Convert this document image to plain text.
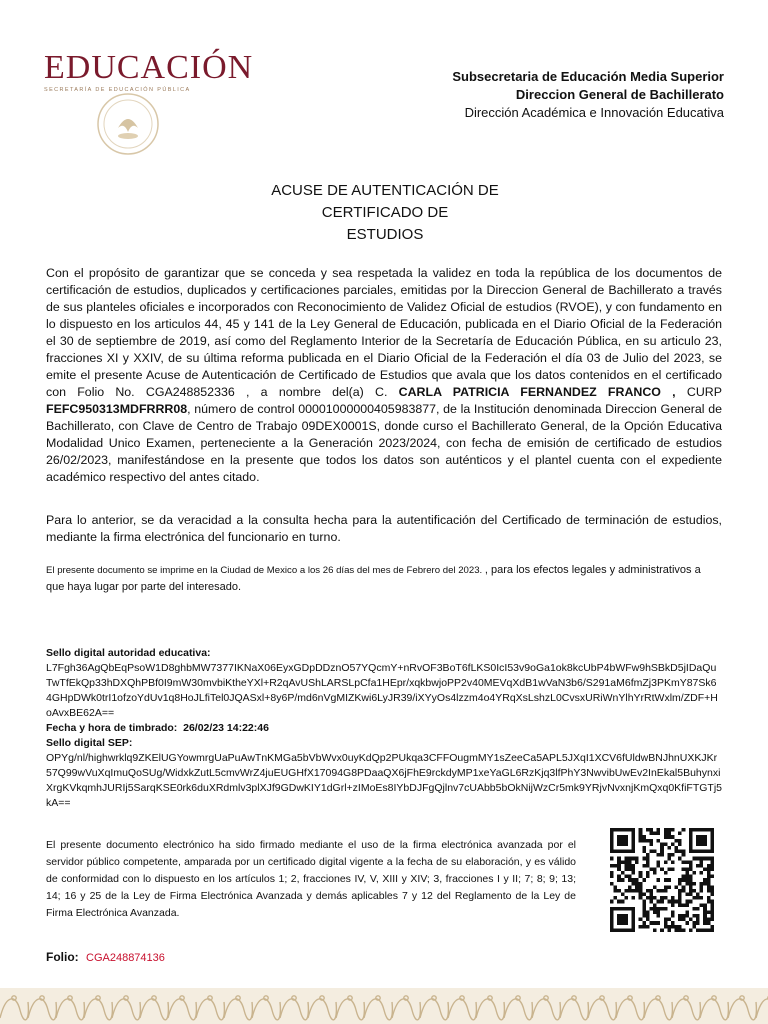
EDUCACIÓN
SECRETARÍA DE EDUCACIÓN PÚBLICA
Subsecretaria de Educación Media Superior
Direccion General de Bachillerato
Dirección Académica e Innovación Educativa
ACUSE DE AUTENTICACIÓN DE CERTIFICADO DE
ESTUDIOS
Con el propósito de garantizar que se conceda y sea respetada la validez en toda la república de los documentos de certificación de estudios, duplicados y certificaciones parciales, emitidas por la Direccion General de Bachillerato a través de sus planteles oficiales e incorporados con Reconocimiento de Validez Oficial de estudios (RVOE), y con fundamento en lo dispuesto en los articulos 44, 45 y 141 de la Ley General de Educación, publicada en el Diario Oficial de la Federación el 30 de septiembre de 2019, así como del Reglamento Interior de la Secretaría de Educación Pública, en su articulo 23, fracciones XI y XXIV, de su última reforma publicada en el Diario Oficial de la Federación el día 03 de Julio del 2023, se emite el presente Acuse de Autenticación de Certificado de Estudios que avala que los datos contenidos en el certificado con Folio No. CGA248852336 , a nombre del(a) C. CARLA PATRICIA FERNANDEZ FRANCO , CURP FEFC950313MDFRRR08, número de control 00001000000405983877, de la Institución denominada Direccion General de Bachillerato, con Clave de Centro de Trabajo 09DEX0001S, donde curso el Bachillerato General, de la Opción Educativa Modalidad Unico Examen, perteneciente a la Generación 2023/2024, con fecha de emisión de certificado de estudios 26/02/2023, manifestándose en la presente que todos los datos son auténticos y el plantel cuenta con el expediente académico respectivo del antes citado.
Para lo anterior, se da veracidad a la consulta hecha para la autentificación del Certificado de terminación de estudios, mediante la firma electrónica del funcionario en turno.
El presente documento se imprime en la Ciudad de Mexico a los 26 días del mes de Febrero del 2023. , para los efectos legales y administrativos a que haya lugar por parte del interesado.
Sello digital autoridad educativa:
L7Fgh36AgQbEqPsoW1D8ghbMW7377IKNaX06EyxGDpDDznO57YQcmY+nRvOF3BoT6fLKS0IcI53v9oGa1ok8kcUbP4bWFw9hSBkD5jIDaQuTwTfEkQp33hDXQhPBf0I9mW30mvbiKtheYXl+R2qAvUShLARSLpCfa1HEpr/xqkbwjoPP2v40MEVqXdB1wVaN3b6/S291aM6fmZj3PKmY87Sk64GHpDWk0trI1ofzoYdUv1q8HoJLfiTel0JQASxl+8y6P/md6nVgMIZKwi6LyJR39/iXYyOs4lzzm4o4YRqXsLshzL0CvsxURiWnYlhYrRtWxlm/ZDF+HoAvxBE62A==
Fecha y hora de timbrado: 26/02/23 14:22:46
Sello digital SEP:
OPYg/nl/highwrklq9ZKElUGYowmrgUaPuAwTnKMGa5bVbWvx0uyKdQp2PUkqa3CFFOugmMY1sZeeCa5APL5JXqI1XCV6fUldwBNJhnUXKJKr57Q99wVuXqImuQoSUg/WidxkZutL5cmvWrZ4juEUGHfX17094G8PDaaQX6jFhE9rckdyMP1xeYaGL6RzKjq3lfPhY3NwvibUwEv2InEkal5BuhynxiXrgKVkqmhJURIj5SarqKSE0rk6duXRdmlv3plXJf9GDwKIY1dGrl+zIMoEs8IYbDJFgQjlnv7cUAbb5bOkNijWzCr5mk9YRjvNvxnjKmQxq0KfiFTGTj5kA==
El presente documento electrónico ha sido firmado mediante el uso de la firma electrónica avanzada por el servidor público competente, amparada por un certificado digital vigente a la fecha de su elaboración, y es válido de conformidad con lo dispuesto en los artículos 1; 2, fracciones IV, V, XIII y XIV; 3, fracciones I y II; 7; 8; 9; 13; 14; 16 y 25 de la Ley de Firma Electrónica Avanzada y demás aplicables 7 y 12 del Reglamento de la Ley de Firma Electrónica Avanzada.
Folio: CGA248874136
